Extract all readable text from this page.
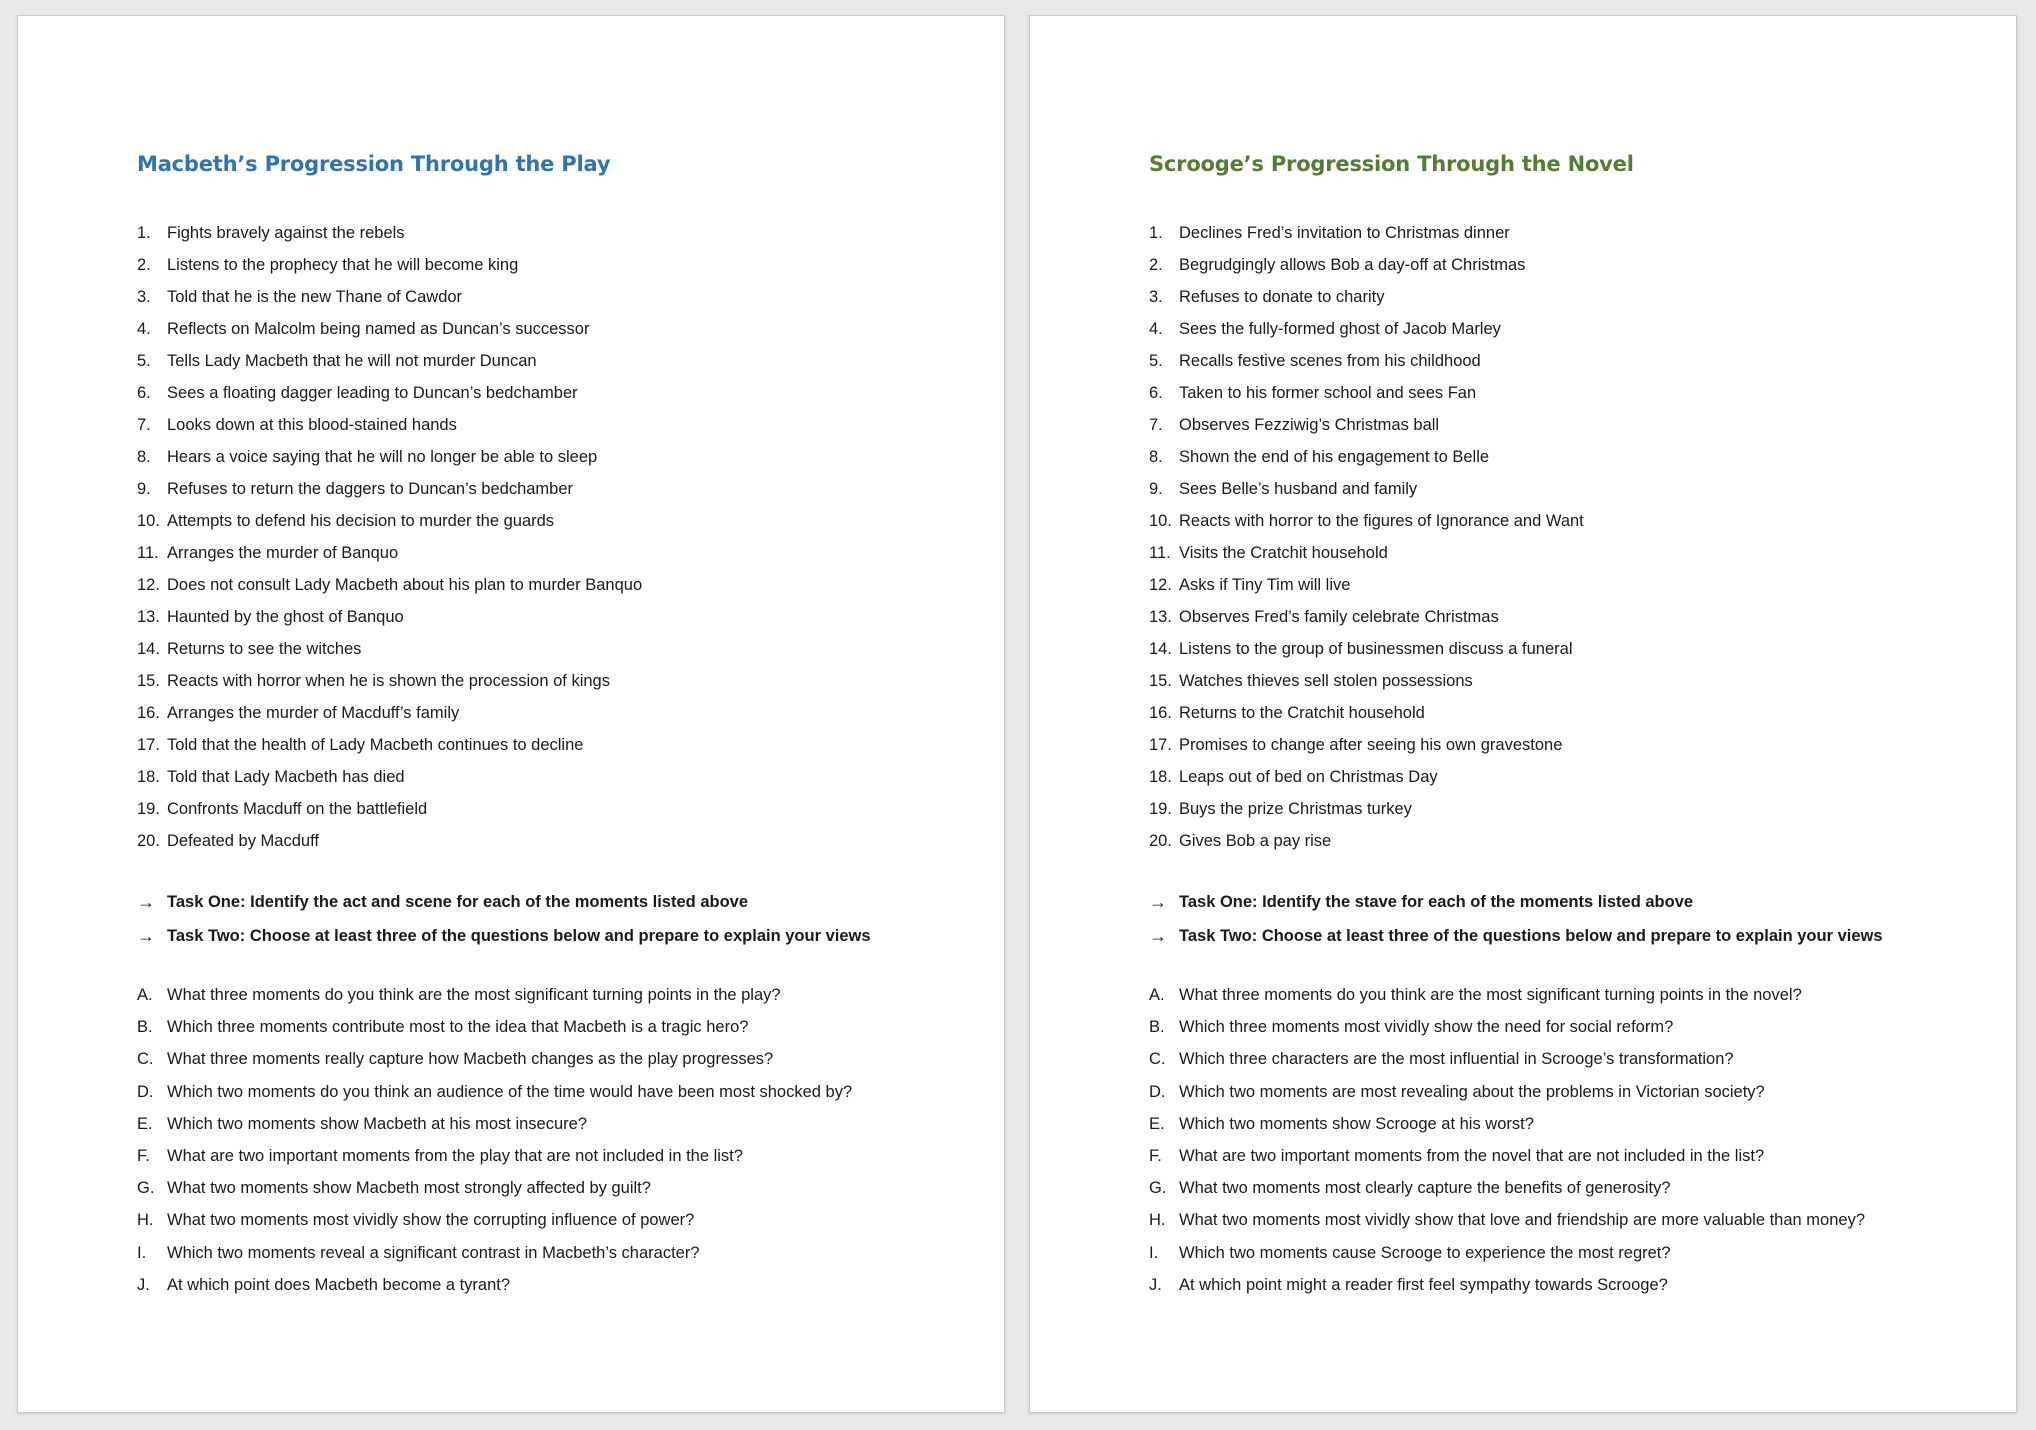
Macbeth’s Progression Through the Play
1. Fights bravely against the rebels
2. Listens to the prophecy that he will become king
3. Told that he is the new Thane of Cawdor
4. Reflects on Malcolm being named as Duncan’s successor
5. Tells Lady Macbeth that he will not murder Duncan
6. Sees a floating dagger leading to Duncan’s bedchamber
7. Looks down at this blood-stained hands
8. Hears a voice saying that he will no longer be able to sleep
9. Refuses to return the daggers to Duncan’s bedchamber
10. Attempts to defend his decision to murder the guards
11. Arranges the murder of Banquo
12. Does not consult Lady Macbeth about his plan to murder Banquo
13. Haunted by the ghost of Banquo
14. Returns to see the witches
15. Reacts with horror when he is shown the procession of kings
16. Arranges the murder of Macduff’s family
17. Told that the health of Lady Macbeth continues to decline
18. Told that Lady Macbeth has died
19. Confronts Macduff on the battlefield
20. Defeated by Macduff
→ Task One: Identify the act and scene for each of the moments listed above
→ Task Two: Choose at least three of the questions below and prepare to explain your views
A. What three moments do you think are the most significant turning points in the play?
B. Which three moments contribute most to the idea that Macbeth is a tragic hero?
C. What three moments really capture how Macbeth changes as the play progresses?
D. Which two moments do you think an audience of the time would have been most shocked by?
E. Which two moments show Macbeth at his most insecure?
F. What are two important moments from the play that are not included in the list?
G. What two moments show Macbeth most strongly affected by guilt?
H. What two moments most vividly show the corrupting influence of power?
I. Which two moments reveal a significant contrast in Macbeth’s character?
J. At which point does Macbeth become a tyrant?
Scrooge’s Progression Through the Novel
1. Declines Fred’s invitation to Christmas dinner
2. Begrudgingly allows Bob a day-off at Christmas
3. Refuses to donate to charity
4. Sees the fully-formed ghost of Jacob Marley
5. Recalls festive scenes from his childhood
6. Taken to his former school and sees Fan
7. Observes Fezziwig’s Christmas ball
8. Shown the end of his engagement to Belle
9. Sees Belle’s husband and family
10. Reacts with horror to the figures of Ignorance and Want
11. Visits the Cratchit household
12. Asks if Tiny Tim will live
13. Observes Fred’s family celebrate Christmas
14. Listens to the group of businessmen discuss a funeral
15. Watches thieves sell stolen possessions
16. Returns to the Cratchit household
17. Promises to change after seeing his own gravestone
18. Leaps out of bed on Christmas Day
19. Buys the prize Christmas turkey
20. Gives Bob a pay rise
→ Task One: Identify the stave for each of the moments listed above
→ Task Two: Choose at least three of the questions below and prepare to explain your views
A. What three moments do you think are the most significant turning points in the novel?
B. Which three moments most vividly show the need for social reform?
C. Which three characters are the most influential in Scrooge’s transformation?
D. Which two moments are most revealing about the problems in Victorian society?
E. Which two moments show Scrooge at his worst?
F. What are two important moments from the novel that are not included in the list?
G. What two moments most clearly capture the benefits of generosity?
H. What two moments most vividly show that love and friendship are more valuable than money?
I. Which two moments cause Scrooge to experience the most regret?
J. At which point might a reader first feel sympathy towards Scrooge?
